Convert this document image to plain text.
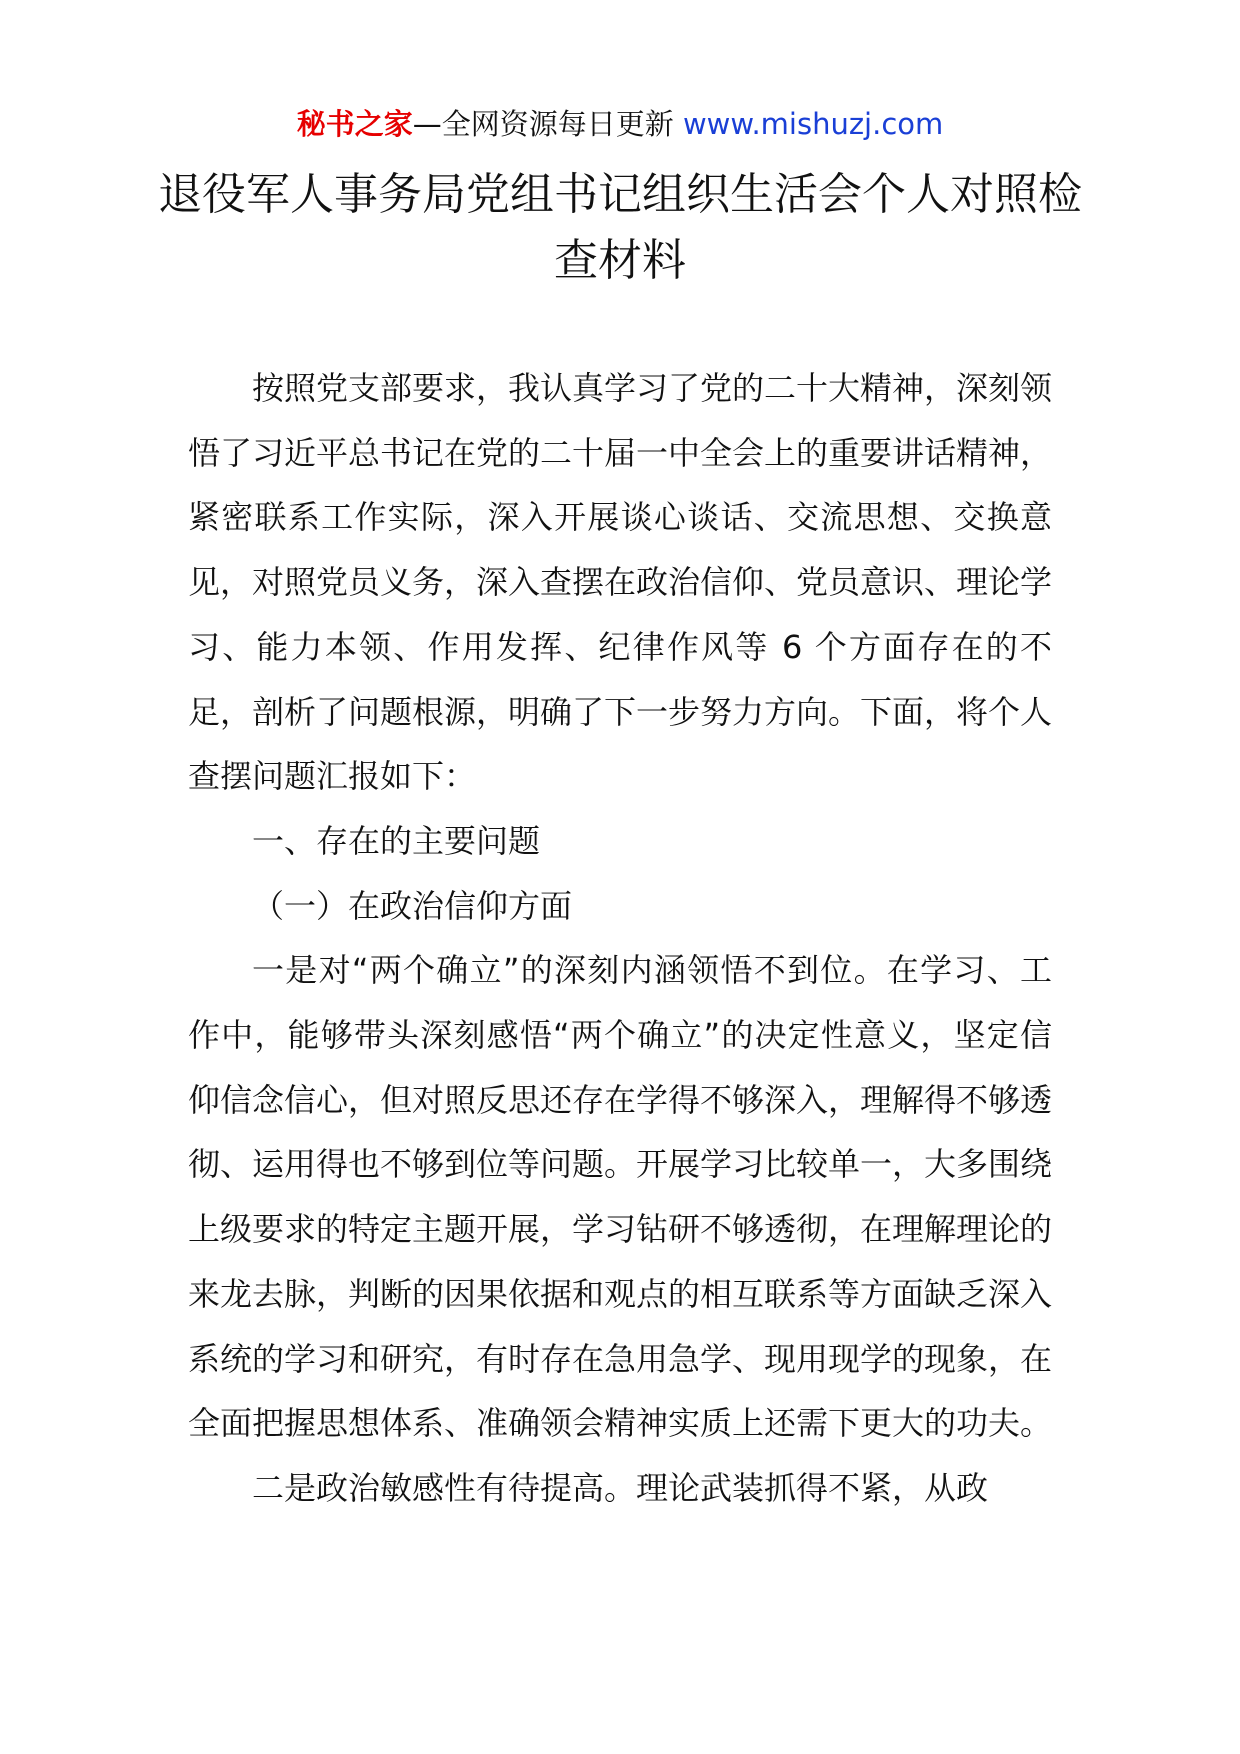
秘书之家—全网资源每日更新 www.mishuzj.com
退役军人事务局党组书记组织生活会个人对照检查材料

按照党支部要求，我认真学习了党的二十大精神，深刻领悟了习近平总书记在党的二十届一中全会上的重要讲话精神，紧密联系工作实际，深入开展谈心谈话、交流思想、交换意见，对照党员义务，深入查摆在政治信仰、党员意识、理论学习、能力本领、作用发挥、纪律作风等 6 个方面存在的不足，剖析了问题根源，明确了下一步努力方向。下面，将个人查摆问题汇报如下：

一、存在的主要问题

（一）在政治信仰方面

一是对“两个确立”的深刻内涵领悟不到位。在学习、工作中，能够带头深刻感悟“两个确立”的决定性意义，坚定信仰信念信心，但对照反思还存在学得不够深入，理解得不够透彻、运用得也不够到位等问题。开展学习比较单一，大多围绕上级要求的特定主题开展，学习钻研不够透彻，在理解理论的来龙去脉，判断的因果依据和观点的相互联系等方面缺乏深入系统的学习和研究，有时存在急用急学、现用现学的现象，在全面把握思想体系、准确领会精神实质上还需下更大的功夫。

二是政治敏感性有待提高。理论武装抓得不紧，从政
